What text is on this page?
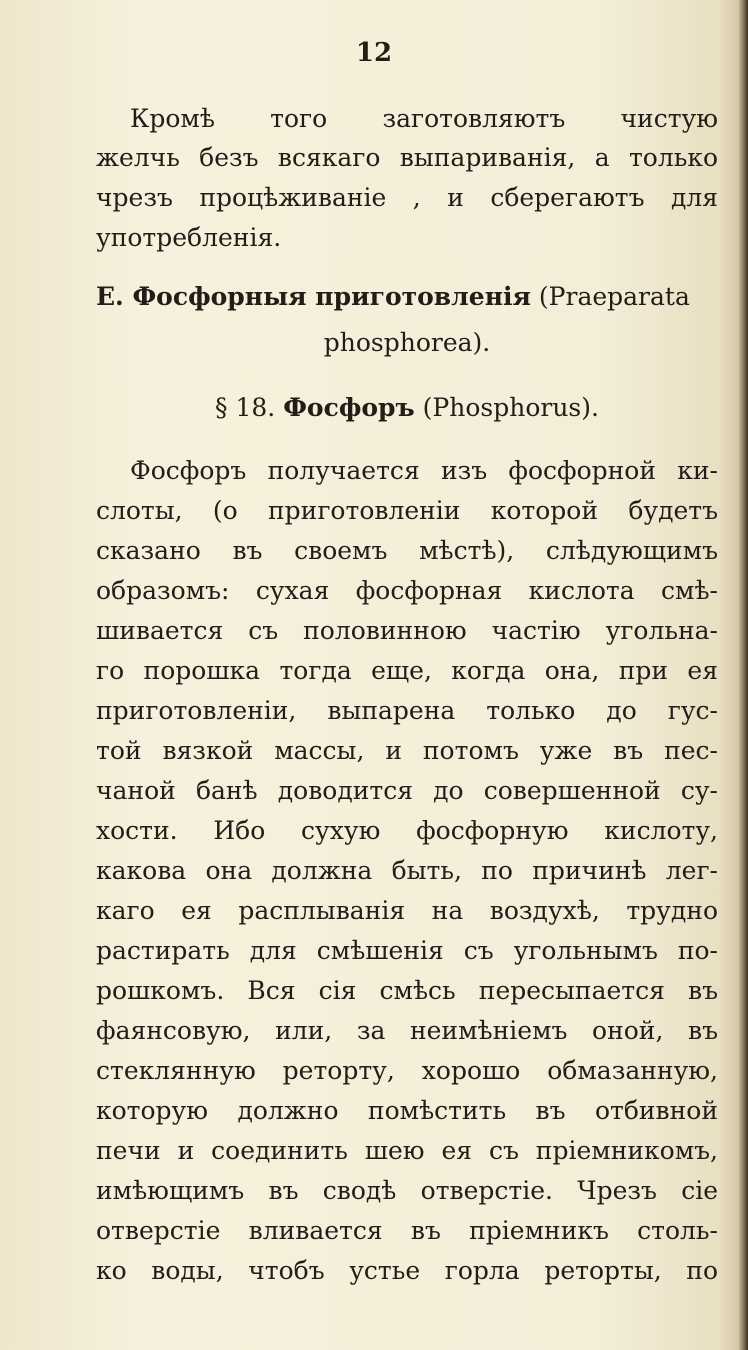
12
Кромѣ того заготовляютъ чистую
желчь безъ всякаго выпариванія, а только
чрезъ процѣживаніе , и сберегаютъ для
употребленія.
E. Фосфорныя приготовленія (Praeparata
phosphorea).
§ 18. Фосфоръ (Phosphorus).
Фосфоръ получается изъ фосфорной ки-
слоты, (о приготовленіи которой будетъ
сказано въ своемъ мѣстѣ), слѣдующимъ
образомъ: сухая фосфорная кислота смѣ-
шивается съ половинною частію угольна-
го порошка тогда еще, когда она, при ея
приготовленіи, выпарена только до гус-
той вязкой массы, и потомъ уже въ пес-
чаной банѣ доводится до совершенной су-
хости. Ибо сухую фосфорную кислоту,
какова она должна быть, по причинѣ лег-
каго ея расплыванія на воздухѣ, трудно
растирать для смѣшенія съ угольнымъ по-
рошкомъ. Вся сія смѣсь пересыпается въ
фаянсовую, или, за неимѣніемъ оной, въ
стеклянную реторту, хорошо обмазанную,
которую должно помѣстить въ отбивной
печи и соединить шею ея съ пріемникомъ,
имѣющимъ въ сводѣ отверстіе. Чрезъ сіе
отверстіе вливается въ пріемникъ столь-
ко воды, чтобъ устье горла реторты, по
